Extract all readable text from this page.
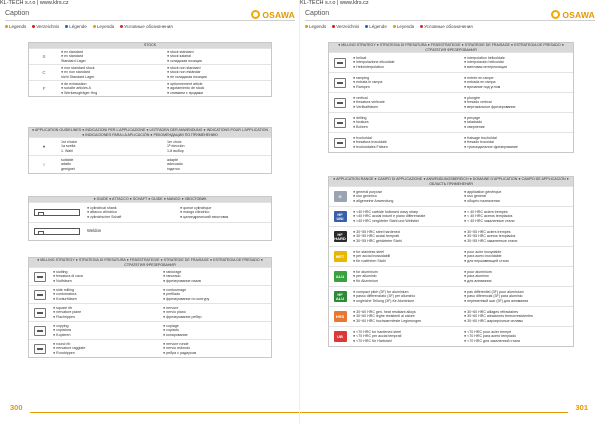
KL-TECH s.r.o | www.klrs.cz
Caption	OSAWA
Legends Verzeichnis Légende Leyenda Условные обозначения
STOCK
S
● ex standard
● ex standard
Standard Lager
● stock standard
● stock salarial
● складская позиция
C
● non standard stock
● ex non standard
nicht Standard Lager
● stock non standard
● stock non estándar
● не складская позиция
F
● de exhaustion
● suscite articles A
● Werkzeugträger Hng
● optionnement article
● agotamiento de stock
● снимаем с продажи
● APPLICATION GUIDELINES ● INDICAZIONI PER L'APPLICAZIONE ● LEITFADEN DER ANWENDUNG ● INDICATIONS POUR L'APPLICATION ● INDICACIONES PARA LA APLICACIÓN ● РЕКОМЕНДАЦИИ ПО ПРИМЕНЕНИЮ
●
1st choice
1a scelta
1. Wahl
1er choix
1ª elección
1-й выбор
○
suitable
adatto
geeignet
adapté
adecuado
годится
● GUIDE ● ATTACCO ● SCHAFT ● GUIDE ● MANGO ● ХВОСТОВИК
● cylindrical shank
● attacco cilindrico
● zylindrischer Schaft
● queue cylindrique
● mango cilíndrico
● цилиндрический хвостовик
Weldon
● MILLING STRATEGY ● STRATEGIA DI FRESATURA ● FRÄSSTRATEGIE ● STRATÉGIE DE FRAISAGE ● ESTRATEGIA DE FRESADO ● СТРАТЕГИЯ ФРЕЗЕРОВАНИЯ
● slotting
● fresatura di cava
● Nutfräsen
● rainurage
● ranurado
● фрезерование пазов
● side milling
● contornatura
● Konturfräsen
● contournage
● perfilado
● фрезерование по контуру
● square rib
● nervature piane
● Flachrippen
● nervure
● nervio plano
● фрезерование ребер
● copying
● copiatura
● Kopieren
● copiage
● copiado
● копирование
● round rib
● nervature raggiate
● Rundrippen
● nervure ronde
● nervio redondo
● ребра с радиусом
300
KL-TECH s.r.o | www.klrs.cz
Caption	OSAWA
Legends Verzeichnis Légende Leyenda Условные обозначения
● MILLING STRATEGY ● STRATEGIA DI FRESATURA ● FRÄSSTRATEGIE ● STRATÉGIE DE FRAISAGE ● ESTRATEGIA DE FRESADO ● СТРАТЕГИЯ ФРЕЗЕРОВАНИЯ
● helical
● interpolazione elicoidale
● Helixinterpolation
● interpolation hélicoïdale
● interpolación helicoidal
● винтовая интерполяция
● ramping
● entrata in rampa
● Rampen
● entrée en rampe
● entrada en rampa
● врезание под углом
● vertical
● fresatura verticale
● Vertikalfräsen
● plongée
● fresado vertical
● вертикальное фрезерование
● drilling
● foratura
● Bohren
● perçage
● taladrado
● сверление
● trochoidal
● fresatura trocoidale
● trochoidales Fräsen
● fraisage trochoïdal
● fresado trocoidal
● трохоидальное фрезерование
● APPLICATION RANGE ● CAMPO DI APPLICAZIONE ● ANWENDUNGSBEREICH ● DOMAINE D'APPLICATION ● CAMPO DE APPLICACIÓN ● ОБЛАСТЬ ПРИМЕНЕНИЯ
G
● general purpose
● uso generico
● allgemeine Anwendung
● application générique
● uso general
● общего назначения
HF UNI
● <40 HRC carbide hollowed wavy sharp
● <40 HRC acciai indurit e piano differenziate
● <40 HRC vergüteter Stahl und Wellstiel
● < 40 HRC aciers trempés
● < 40 HRC aceros templados
● < 40 HRC закаленные стали
HF HARD
● 30÷55 HRC steel hardened
● 30÷55 HRC acciai temprati
● 30÷55 HRC gehärteter Stahl
● 30÷55 HRC aciers trempés
● 30÷55 HRC aceros templados
● 30÷55 HRC закаленные стали
MET
● for stainless steel
● per acciai inossidabili
● für rostfreien Stahl
● pour acier inoxydable
● para acero inoxidable
● для нержавеющей стали
ALU
● for aluminium
● per alluminio
● für Aluminium
● pour aluminium
● para aluminio
● для алюминия
HF ALU
● compact pitch (3F) for aluminium
● passo differenziato (3F) per alluminio
● ungleiche Teilung (3F) für Aluminium
● pas différentiel (3F) pour aluminium
● paso diferencial (3F) para aluminio
● переменный шаг (3F) для алюминия
HRS
● 30÷60 HRC gen. heat resistant alloys
● 30÷60 HRC leghe resistenti al calore
● 30÷60 HRC hochwarmfeste Legierungen
● 30÷60 HRC alliages réfractaires
● 30÷60 HRC aleaciones termorresistentes
● 30÷60 HRC жаропрочные сплавы
UB
● <70 HRC for hardened steel
● <70 HRC per acciai temprati
● <70 HRC für Hartstahl
● <70 HRC pour acier trempé
● <70 HRC para acero templado
● <70 HRC для закаленной стали
301
